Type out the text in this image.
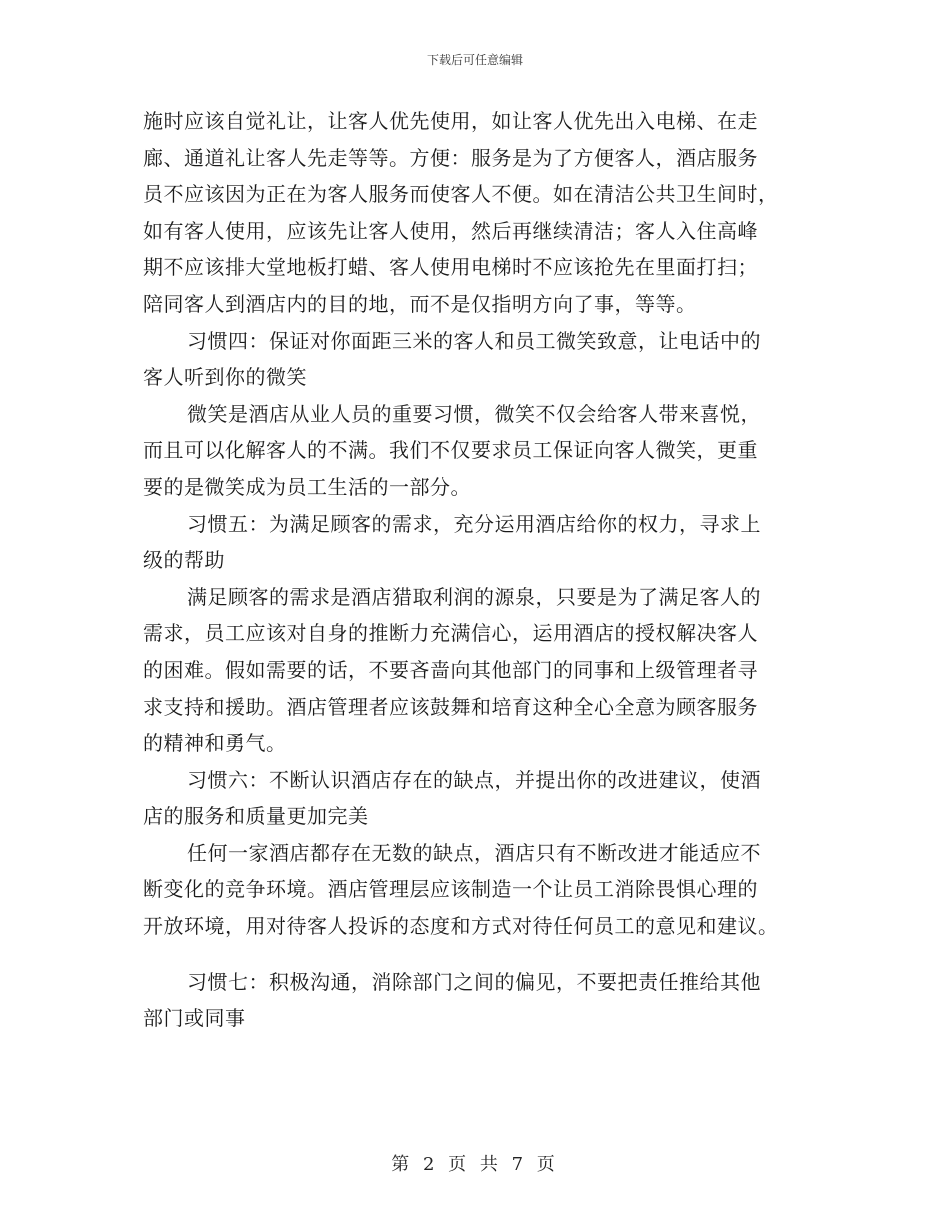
下载后可任意编辑
施时应该自觉礼让，让客人优先使用，如让客人优先出入电梯、在走
廊、通道礼让客人先走等等。方便：服务是为了方便客人，酒店服务
员不应该因为正在为客人服务而使客人不便。如在清洁公共卫生间时，
如有客人使用，应该先让客人使用，然后再继续清洁；客人入住高峰
期不应该排大堂地板打蜡、客人使用电梯时不应该抢先在里面打扫；
陪同客人到酒店内的目的地，而不是仅指明方向了事，等等。
习惯四：保证对你面距三米的客人和员工微笑致意，让电话中的
客人听到你的微笑
微笑是酒店从业人员的重要习惯，微笑不仅会给客人带来喜悦，
而且可以化解客人的不满。我们不仅要求员工保证向客人微笑，更重
要的是微笑成为员工生活的一部分。
习惯五：为满足顾客的需求，充分运用酒店给你的权力，寻求上
级的帮助
满足顾客的需求是酒店猎取利润的源泉，只要是为了满足客人的
需求，员工应该对自身的推断力充满信心，运用酒店的授权解决客人
的困难。假如需要的话，不要吝啬向其他部门的同事和上级管理者寻
求支持和援助。酒店管理者应该鼓舞和培育这种全心全意为顾客服务
的精神和勇气。
习惯六：不断认识酒店存在的缺点，并提出你的改进建议，使酒
店的服务和质量更加完美
任何一家酒店都存在无数的缺点，酒店只有不断改进才能适应不
断变化的竞争环境。酒店管理层应该制造一个让员工消除畏惧心理的
开放环境，用对待客人投诉的态度和方式对待任何员工的意见和建议。
习惯七：积极沟通，消除部门之间的偏见，不要把责任推给其他
部门或同事
第 2 页 共 7 页
